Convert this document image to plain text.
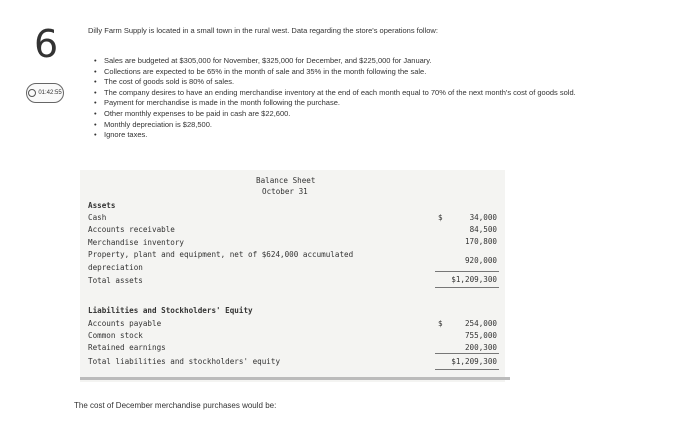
6
01:42:55
Dilly Farm Supply is located in a small town in the rural west. Data regarding the store's operations follow:
• Sales are budgeted at $305,000 for November, $325,000 for December, and $225,000 for January.
• Collections are expected to be 65% in the month of sale and 35% in the month following the sale.
• The cost of goods sold is 80% of sales.
• The company desires to have an ending merchandise inventory at the end of each month equal to 70% of the next month's cost of goods sold.
• Payment for merchandise is made in the month following the purchase.
• Other monthly expenses to be paid in cash are $22,600.
• Monthly depreciation is $28,500.
• Ignore taxes.
Balance Sheet
October 31
Assets
Cash	$	34,000
Accounts receivable	84,500
Merchandise inventory	170,800
Property, plant and equipment, net of $624,000 accumulated
depreciation
920,000
Total assets	$1,209,300
Liabilities and Stockholders' Equity
Accounts payable	$	254,000
Common stock	755,000
Retained earnings	200,300
Total liabilities and stockholders' equity	$1,209,300
The cost of December merchandise purchases would be:
